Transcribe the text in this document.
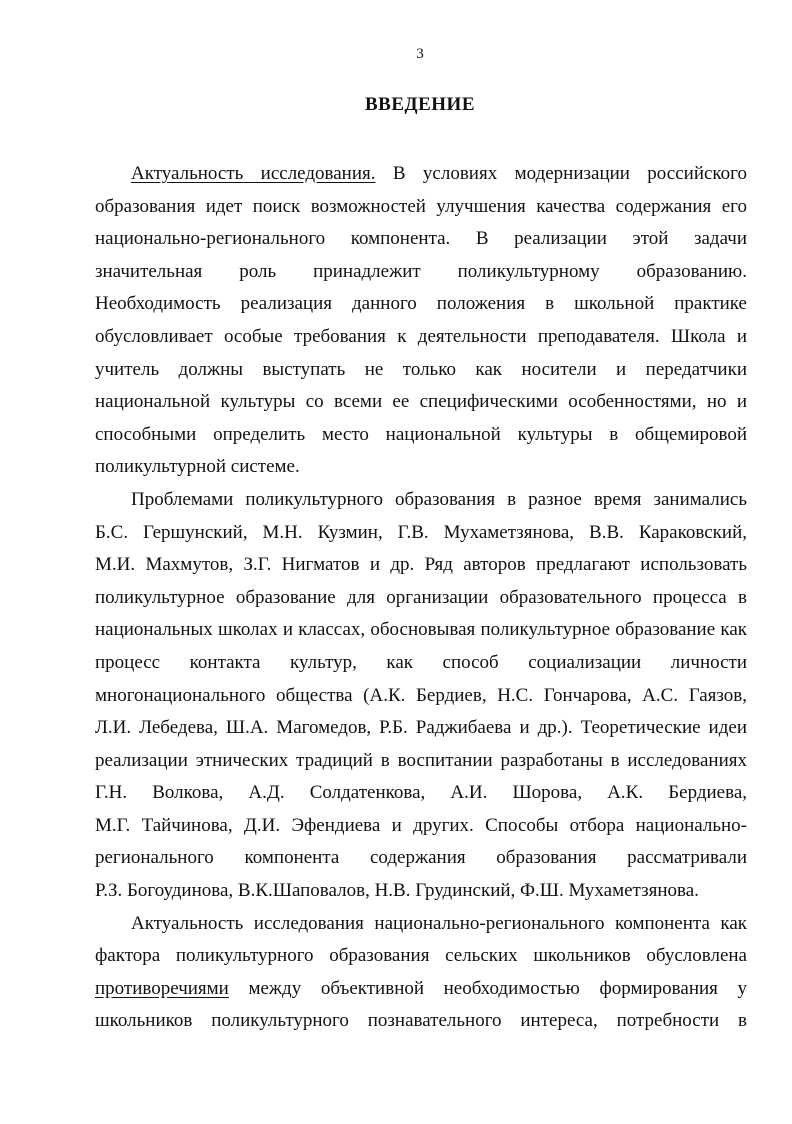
3
ВВЕДЕНИЕ
Актуальность исследования. В условиях модернизации российского
образования идет поиск возможностей улучшения качества содержания его
национально-регионального компонента. В реализации этой задачи
значительная роль принадлежит поликультурному образованию.
Необходимость реализация данного положения в школьной практике
обусловливает особые требования к деятельности преподавателя. Школа и
учитель должны выступать не только как носители и передатчики
национальной культуры со всеми ее специфическими особенностями, но и
способными определить место национальной культуры в общемировой
поликультурной системе.
Проблемами поликультурного образования в разное время занимались
Б.С. Гершунский, М.Н. Кузмин, Г.В. Мухаметзянова, В.В. Караковский,
М.И. Махмутов, З.Г. Нигматов и др. Ряд авторов предлагают использовать
поликультурное образование для организации образовательного процесса в
национальных школах и классах, обосновывая поликультурное образование как
процесс контакта культур, как способ социализации личности
многонационального общества (А.К. Бердиев, Н.С. Гончарова, А.С. Гаязов,
Л.И. Лебедева, Ш.А. Магомедов, Р.Б. Раджибаева и др.). Теоретические идеи
реализации этнических традиций в воспитании разработаны в исследованиях
Г.Н. Волкова, А.Д. Солдатенкова, А.И. Шорова, А.К. Бердиева,
М.Г. Тайчинова, Д.И. Эфендиева и других. Способы отбора национально-
регионального компонента содержания образования рассматривали
Р.З. Богоудинова, В.К.Шаповалов, Н.В. Грудинский, Ф.Ш. Мухаметзянова.
Актуальность исследования национально-регионального компонента как
фактора поликультурного образования сельских школьников обусловлена
противоречиями между объективной необходимостью формирования у
школьников поликультурного познавательного интереса, потребности в
